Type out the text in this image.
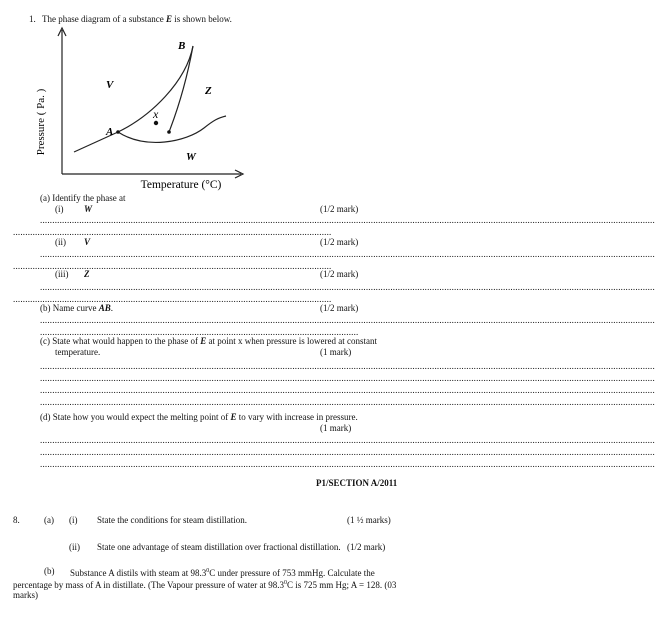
1. The phase diagram of a substance E is shown below.
Pressure ( Pa. )
Temperature (°C)
V	Z
W
A
B
x
(a) Identify the phase at
(i) W	(1/2 mark)
...........................................................................................................................................................................................................................................................
..................................................................................................................................
(ii) V	(1/2 mark)
...........................................................................................................................................................................................................................................................
..................................................................................................................................
(iii) Z	(1/2 mark)
...........................................................................................................................................................................................................................................................
..................................................................................................................................
(b) Name curve AB.	(1/2 mark)
...........................................................................................................................................................................................................................................................
..................................................................................................................................
(c) State what would happen to the phase of E at point x when pressure is lowered at constant
temperature.	(1 mark)
...........................................................................................................................................................................................................................................................
...........................................................................................................................................................................................................................................................
...........................................................................................................................................................................................................................................................
...........................................................................................................................................................................................................................................................
(d) State how you would expect the melting point of E to vary with increase in pressure.
(1 mark)
...........................................................................................................................................................................................................................................................
...........................................................................................................................................................................................................................................................
...........................................................................................................................................................................................................................................................
P1/SECTION A/2011
8.	(a) (i) State the conditions for steam distillation.	(1 ½ marks)
(ii) State one advantage of steam distillation over fractional distillation. (1/2 mark)
(b) Substance A distils with steam at 98.3$^0$C under pressure of 753 mmHg. Calculate the
percentage by mass of A in distillate. (The Vapour pressure of water at 98.3$^0$C is 725 mm Hg; A = 128. (03
marks)
